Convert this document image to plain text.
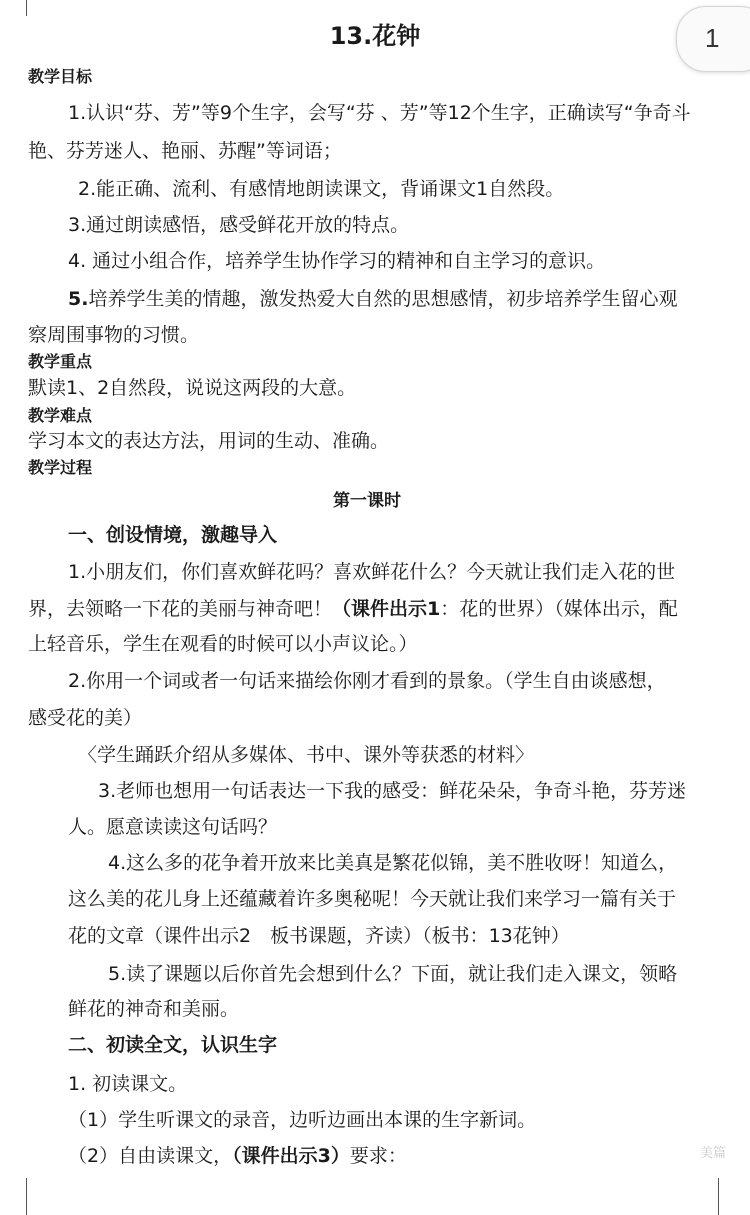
1
13.花钟
教学目标
1.认识“芬、芳”等9个生字，会写“芬 、芳”等12个生字，正确读写“争奇斗
艳、芬芳迷人、艳丽、苏醒”等词语；
2.能正确、流利、有感情地朗读课文，背诵课文1自然段。
3.通过朗读感悟，感受鲜花开放的特点。
4. 通过小组合作，培养学生协作学习的精神和自主学习的意识。
5.培养学生美的情趣，激发热爱大自然的思想感情，初步培养学生留心观
察周围事物的习惯。
教学重点
默读1、2自然段，说说这两段的大意。
教学难点
学习本文的表达方法，用词的生动、准确。
教学过程
第一课时
一、创设情境，激趣导入
1.小朋友们，你们喜欢鲜花吗？喜欢鲜花什么？今天就让我们走入花的世
界，去领略一下花的美丽与神奇吧！（课件出示1：花的世界）（媒体出示，配
上轻音乐，学生在观看的时候可以小声议论。）
2.你用一个词或者一句话来描绘你刚才看到的景象。（学生自由谈感想，
感受花的美）
〈学生踊跃介绍从多媒体、书中、课外等获悉的材料〉
3.老师也想用一句话表达一下我的感受：鲜花朵朵，争奇斗艳，芬芳迷
人。愿意读读这句话吗？
4.这么多的花争着开放来比美真是繁花似锦，美不胜收呀！知道么，
这么美的花儿身上还蕴藏着许多奥秘呢！今天就让我们来学习一篇有关于
花的文章（课件出示2　板书课题，齐读）（板书：13花钟）
5.读了课题以后你首先会想到什么？下面，就让我们走入课文，领略
鲜花的神奇和美丽。
二、初读全文，认识生字
1. 初读课文。
（1）学生听课文的录音，边听边画出本课的生字新词。
（2）自由读课文，（课件出示3）要求：	美篇
